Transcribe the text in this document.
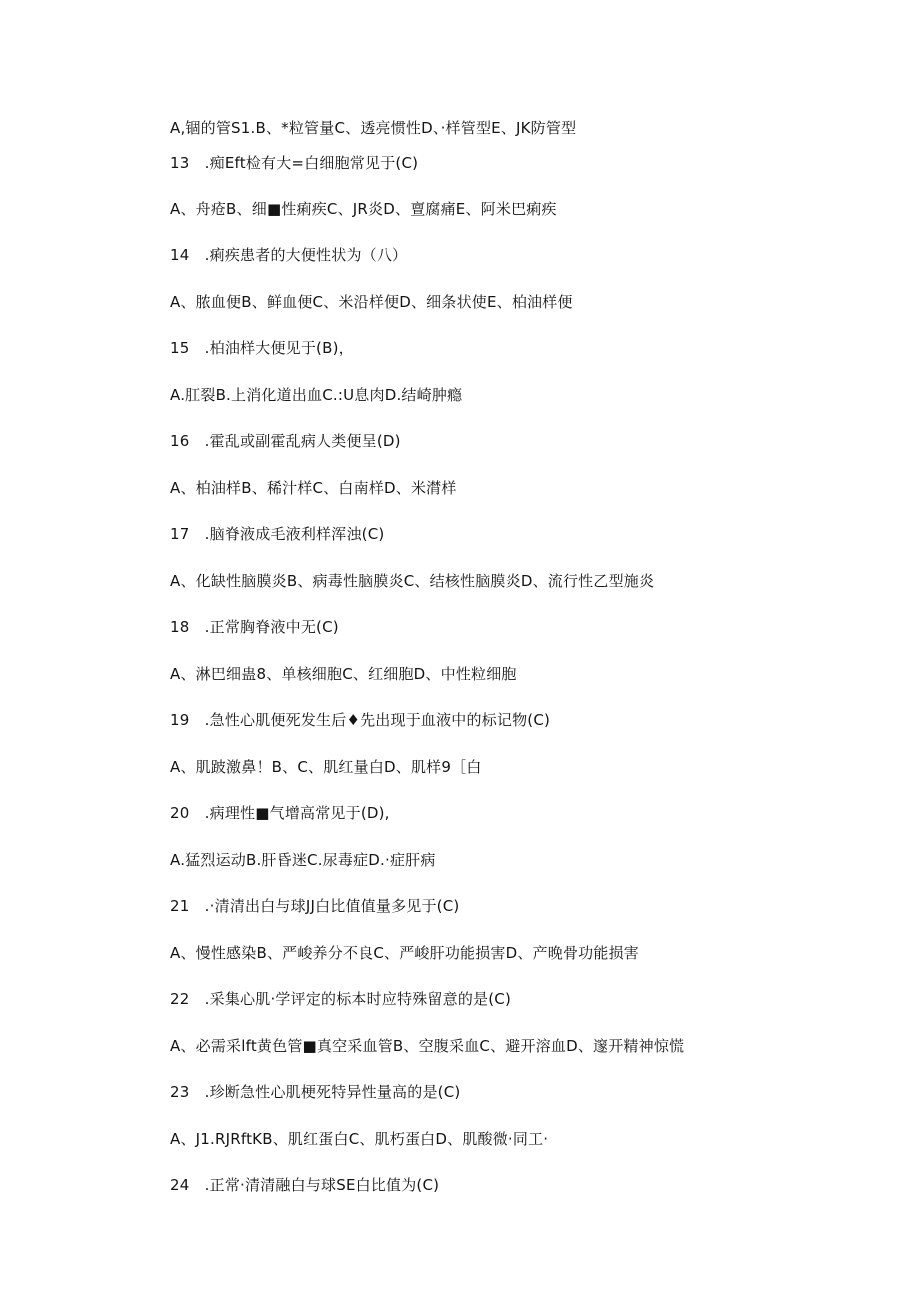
A,锢的管S1.B、*粒管量C、透亮惯性D、·样管型E、JK防管型
13　.痴Eft检有大=白细胞常见于(C)
A、舟疮B、细■性痢疾C、JR炎D、亶腐痛E、阿米巴痢疾
14　.痢疾患者的大便性状为（八）
A、脓血便B、鲜血便C、米沿样便D、细条状使E、柏油样便
15　.柏油样大便见于(B)，
A.肛裂B.上消化道出血C.:U息肉D.结崎肿瘾
16　.霍乱或副霍乱病人类便呈(D)
A、柏油样B、稀汁样C、白南样D、米潸样
17　.脑脊液成毛液利样浑浊(C)
A、化缺性脑膜炎B、病毒性脑膜炎C、结核性脑膜炎D、流行性乙型施炎
18　.正常胸脊液中无(C)
A、淋巴细蛊8、单核细胞C、红细胞D、中性粒细胞
19　.急性心肌便死发生后♦先出现于血液中的标记物(C)
A、肌跛激鼻！B、C、肌红量白D、肌样9［白
20　.病理性■气增高常见于(D),
A.猛烈运动B.肝昏迷C.尿毒症D.·症肝病
21　.·清清出白与球JJ白比值值量多见于(C)
A、慢性感染B、严峻养分不良C、严峻肝功能损害D、产晚骨功能损害
22　.采集心肌·学评定的标本时应特殊留意的是(C)
A、必需采lft黄色管■真空采血管B、空腹采血C、避开溶血D、邃开精神惊慌
23　.珍断急性心肌梗死特异性量高的是(C)
A、J1.RJRftKB、肌红蛋白C、肌朽蛋白D、肌酸微·同工·
24　.正常·清清融白与球SE白比值为(C)
